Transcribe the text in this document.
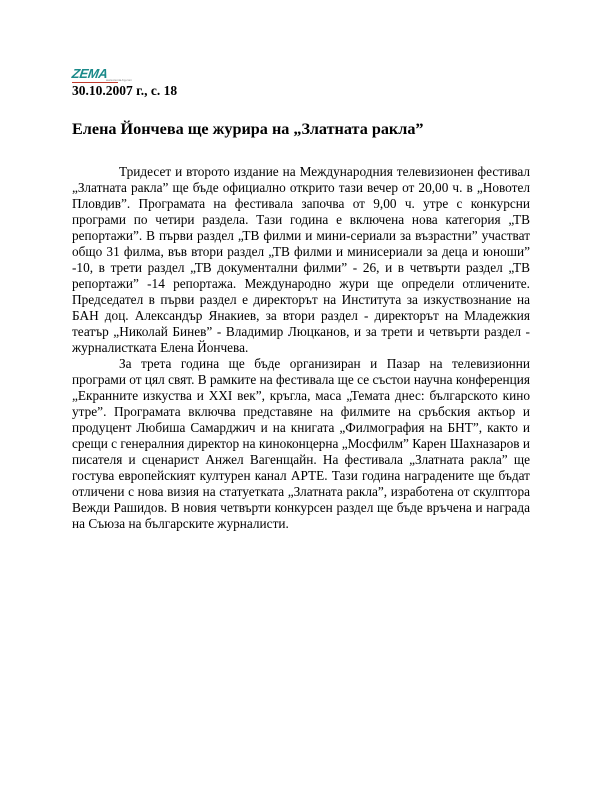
ZEMA
www.zemia-bg.com
30.10.2007 г., с. 18
Елена Йончева ще журира на „Златната ракла”

Тридесет и второто издание на Международния телевизионен фестивал „Златната ракла” ще бъде официално открито тази вечер от 20,00 ч. в „Новотел Пловдив”. Програмата на фестивала започва от 9,00 ч. утре с конкурсни програми по четири раздела. Тази година е включена нова категория „ТВ репортажи”. В първи раздел „ТВ филми и мини-сериали за възрастни” участват общо 31 филма, във втори раздел „ТВ филми и минисериали за деца и юноши” -10, в трети раздел „ТВ документални филми” - 26, и в четвърти раздел „ТВ репортажи” -14 репортажа. Международно жури ще определи отличените. Председател в първи раздел е директорът на Института за изкуствознание на БАН доц. Александър Янакиев, за втори раздел - директорът на Младежкия театър „Николай Бинев” - Владимир Люцканов, и за трети и четвърти раздел - журналистката Елена Йончева.

За трета година ще бъде организиран и Пазар на телевизионни програми от цял свят. В рамките на фестивала ще се състои научна конференция „Екранните изкуства и XXI век”, кръгла, маса „Темата днес: българското кино утре”. Програмата включва представяне на филмите на сръбския актьор и продуцент Любиша Самарджич и на книгата „Филмография на БНТ”, както и срещи с генералния директор на киноконцерна „Мосфилм” Карен Шахназаров и писателя и сценарист Анжел Вагенщайн. На фестивала „Златната ракла” ще гостува европейският културен канал АРТЕ. Тази година наградените ще бъдат отличени с нова визия на статуетката „Златната ракла”, изработена от скулптора Вежди Рашидов. В новия четвърти конкурсен раздел ще бъде връчена и награда на Съюза на българските журналисти.
